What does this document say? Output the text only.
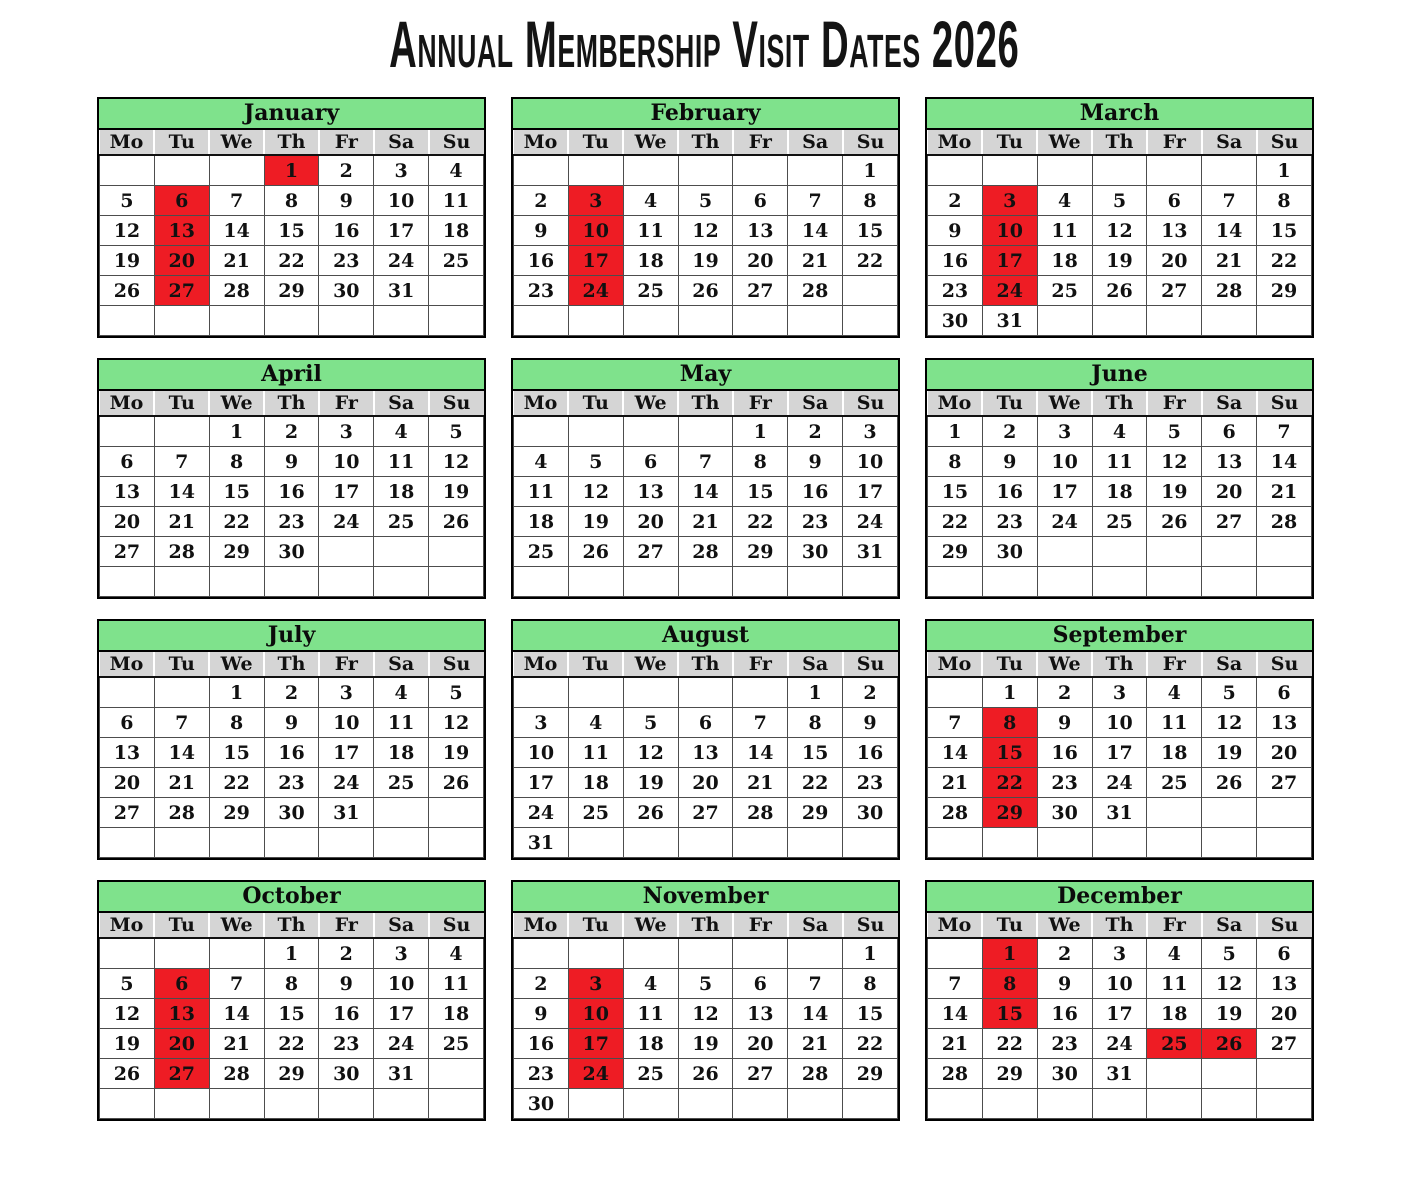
Annual Membership Visit Dates 2026
January
Mo	Tu	We	Th	Fr	Sa	Su
			1	2	3	4
5	6	7	8	9	10	11
12	13	14	15	16	17	18
19	20	21	22	23	24	25
26	27	28	29	30	31	

February
Mo	Tu	We	Th	Fr	Sa	Su
						1
2	3	4	5	6	7	8
9	10	11	12	13	14	15
16	17	18	19	20	21	22
23	24	25	26	27	28	

March
Mo	Tu	We	Th	Fr	Sa	Su
						1
2	3	4	5	6	7	8
9	10	11	12	13	14	15
16	17	18	19	20	21	22
23	24	25	26	27	28	29
30	31					
April
Mo	Tu	We	Th	Fr	Sa	Su
		1	2	3	4	5
6	7	8	9	10	11	12
13	14	15	16	17	18	19
20	21	22	23	24	25	26
27	28	29	30			

May
Mo	Tu	We	Th	Fr	Sa	Su
				1	2	3
4	5	6	7	8	9	10
11	12	13	14	15	16	17
18	19	20	21	22	23	24
25	26	27	28	29	30	31

June
Mo	Tu	We	Th	Fr	Sa	Su
1	2	3	4	5	6	7
8	9	10	11	12	13	14
15	16	17	18	19	20	21
22	23	24	25	26	27	28
29	30					

July
Mo	Tu	We	Th	Fr	Sa	Su
		1	2	3	4	5
6	7	8	9	10	11	12
13	14	15	16	17	18	19
20	21	22	23	24	25	26
27	28	29	30	31		

August
Mo	Tu	We	Th	Fr	Sa	Su
					1	2
3	4	5	6	7	8	9
10	11	12	13	14	15	16
17	18	19	20	21	22	23
24	25	26	27	28	29	30
31						
September
Mo	Tu	We	Th	Fr	Sa	Su
	1	2	3	4	5	6
7	8	9	10	11	12	13
14	15	16	17	18	19	20
21	22	23	24	25	26	27
28	29	30	31			

October
Mo	Tu	We	Th	Fr	Sa	Su
			1	2	3	4
5	6	7	8	9	10	11
12	13	14	15	16	17	18
19	20	21	22	23	24	25
26	27	28	29	30	31	

November
Mo	Tu	We	Th	Fr	Sa	Su
						1
2	3	4	5	6	7	8
9	10	11	12	13	14	15
16	17	18	19	20	21	22
23	24	25	26	27	28	29
30						
December
Mo	Tu	We	Th	Fr	Sa	Su
	1	2	3	4	5	6
7	8	9	10	11	12	13
14	15	16	17	18	19	20
21	22	23	24	25	26	27
28	29	30	31			
